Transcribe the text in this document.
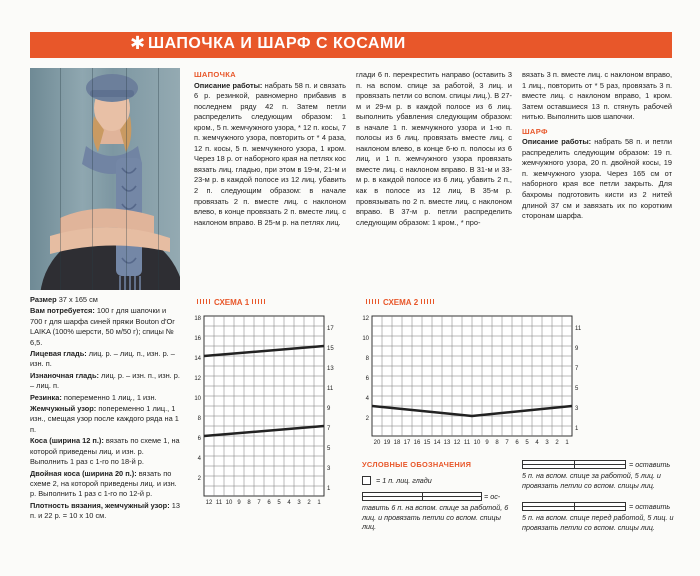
✱ ШАПОЧКА И ШАРФ С КОСАМИ

ШАПОЧКА

Описание работы: набрать 58 п. и связать 6 р. резинкой, равномерно прибавив в последнем ряду 42 п. Затем петли распределить следующим образом: 1 кром., 5 п. жемчужного узора, * 12 п. косы, 7 п. жемчужного узора, повторить от * 4 раза, 12 п. косы, 5 п. жемчужного узора, 1 кром. Через 18 р. от наборного края на петлях кос вязать лиц. гладью, при этом в 19-м, 21-м и 23-м р. в каждой полосе из 12 лиц. убавить 2 п. следующим образом: в начале провязать 2 п. вместе лиц. с наклоном влево, в конце провязать 2 п. вместе лиц. с наклоном вправо. В 25-м р. на петлях лиц.

глади 6 п. перекрестить направо (оставить 3 п. на вспом. спице за работой, 3 лиц. и провязать петли со вспом. спицы лиц.). В 27-м и 29-м р. в каждой полосе из 6 лиц. выполнить убавления следующим образом: в начале 1 п. жемчужного узора и 1-ю п. полосы из 6 лиц. провязать вместе лиц. с наклоном влево, в конце 6-ю п. полосы из 6 лиц. и 1 п. жемчужного узора провязать вместе лиц. с наклоном вправо. В 31-м и 33-м р. в каждой полосе из 6 лиц. убавить 2 п., как в полосе из 12 лиц. В 35-м р. провязывать по 2 п. вместе лиц. с наклоном вправо. В 37-м р. петли распределить следующим образом: 1 кром., * про-

вязать 3 п. вместе лиц. с наклоном вправо, 1 лиц., повторить от * 5 раз, провязать 3 п. вместе лиц. с наклоном вправо, 1 кром. Затем оставшиеся 13 п. стянуть рабочей нитью. Выполнить шов шапочки.

ШАРФ

Описание работы: набрать 58 п. и петли распределить следующим образом: 19 п. жемчужного узора, 20 п. двойной косы, 19 п. жемчужного узора. Через 165 см от наборного края все петли закрыть. Для бахромы подготовить кисти из 2 нитей длиной 37 см и завязать их по коротким сторонам шарфа.

Размер 37 x 165 см

Вам потребуется: 100 г для шапочки и 700 г для шарфа синей пряжи Bouton d'Or LAIKA (100% шерсти, 50 м/50 г); спицы № 6,5.

Лицевая гладь: лиц. р. – лиц. п., изн. р. – изн. п.

Изнаночная гладь: лиц. р. – изн. п., изн. р. – лиц. п.

Резинка: попеременно 1 лиц., 1 изн.

Жемчужный узор: попеременно 1 лиц., 1 изн., смещая узор после каждого ряда на 1 п.

Коса (ширина 12 п.): вязать по схеме 1, на которой приведены лиц. и изн. р. Выполнить 1 раз с 1-го по 18-й р.

Двойная коса (ширина 20 п.): вязать по схеме 2, на которой приведены лиц. и изн. р. Выполнить 1 раз с 1-го по 12-й р.

Плотность вязания, жемчужный узор: 13 п. и 22 р. = 10 x 10 см.

СХЕМА 1
18
16
14
12
10
8
6
4
2
17
15
13
11
9
7
5
3
1
12 11 10 9 8 7 6 5 4 3 2 1
СХЕМА 2
12
10
8
6
4
2
11
9
7
5
3
1
20 19 18 17 16 15 14 13 12 11 10 9 8 7 6 5 4 3 2 1
УСЛОВНЫЕ ОБОЗНАЧЕНИЯ
= 1 п. лиц. глади
= ос-
тавить 6 п. на вспом. спице за работой, 6 лиц. и провязать петли со вспом. спицы лиц.
= оставить
5 п. на вспом. спице за работой, 5 лиц. и провязать петли со вспом. спицы лиц.
= оставить
5 п. на вспом. спице перед работой, 5 лиц. и провязать петли со вспом. спицы лиц.
